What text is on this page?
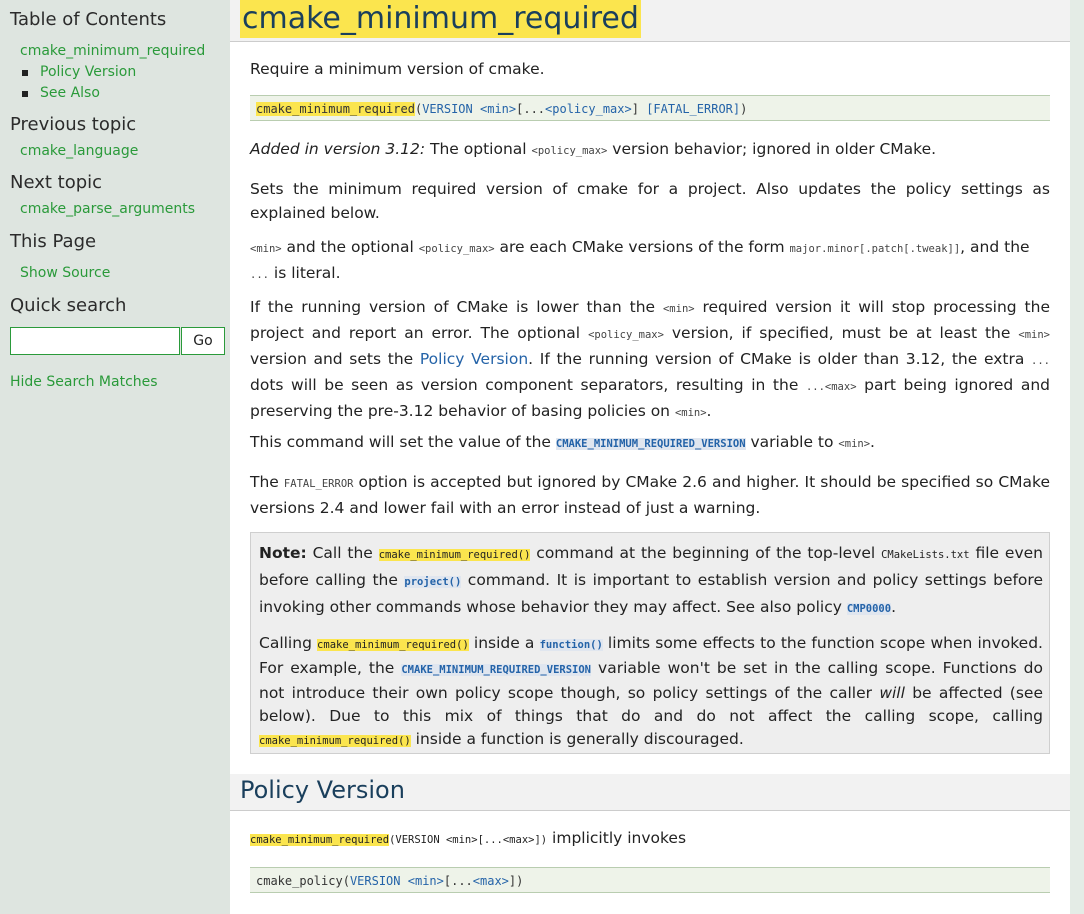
Table of Contents
cmake_minimum_required
Policy Version
See Also
Previous topic
cmake_language
Next topic
cmake_parse_arguments
This Page
Show Source
Quick search
Go
Hide Search Matches
cmake_minimum_required
Require a minimum version of cmake.
cmake_minimum_required(VERSION <min>[...<policy_max>] [FATAL_ERROR])
Added in version 3.12: The optional <policy_max> version behavior; ignored in older CMake.
Sets the minimum required version of cmake for a project. Also updates the policy settings as explained below.
<min> and the optional <policy_max> are each CMake versions of the form major.minor[.patch[.tweak]], and the ... is literal.
If the running version of CMake is lower than the <min> required version it will stop processing the project and report an error. The optional <policy_max> version, if specified, must be at least the <min> version and sets the Policy Version. If the running version of CMake is older than 3.12, the extra ... dots will be seen as version component separators, resulting in the ...<max> part being ignored and preserving the pre-3.12 behavior of basing policies on <min>.
This command will set the value of the CMAKE_MINIMUM_REQUIRED_VERSION variable to <min>.
The FATAL_ERROR option is accepted but ignored by CMake 2.6 and higher. It should be specified so CMake versions 2.4 and lower fail with an error instead of just a warning.
Note: Call the cmake_minimum_required() command at the beginning of the top-level CMakeLists.txt file even before calling the project() command. It is important to establish version and policy settings before invoking other commands whose behavior they may affect. See also policy CMP0000.
Calling cmake_minimum_required() inside a function() limits some effects to the function scope when invoked. For example, the CMAKE_MINIMUM_REQUIRED_VERSION variable won't be set in the calling scope. Functions do not introduce their own policy scope though, so policy settings of the caller will be affected (see below). Due to this mix of things that do and do not affect the calling scope, calling cmake_minimum_required() inside a function is generally discouraged.
Policy Version
cmake_minimum_required(VERSION <min>[...<max>]) implicitly invokes
cmake_policy(VERSION <min>[...<max>])
